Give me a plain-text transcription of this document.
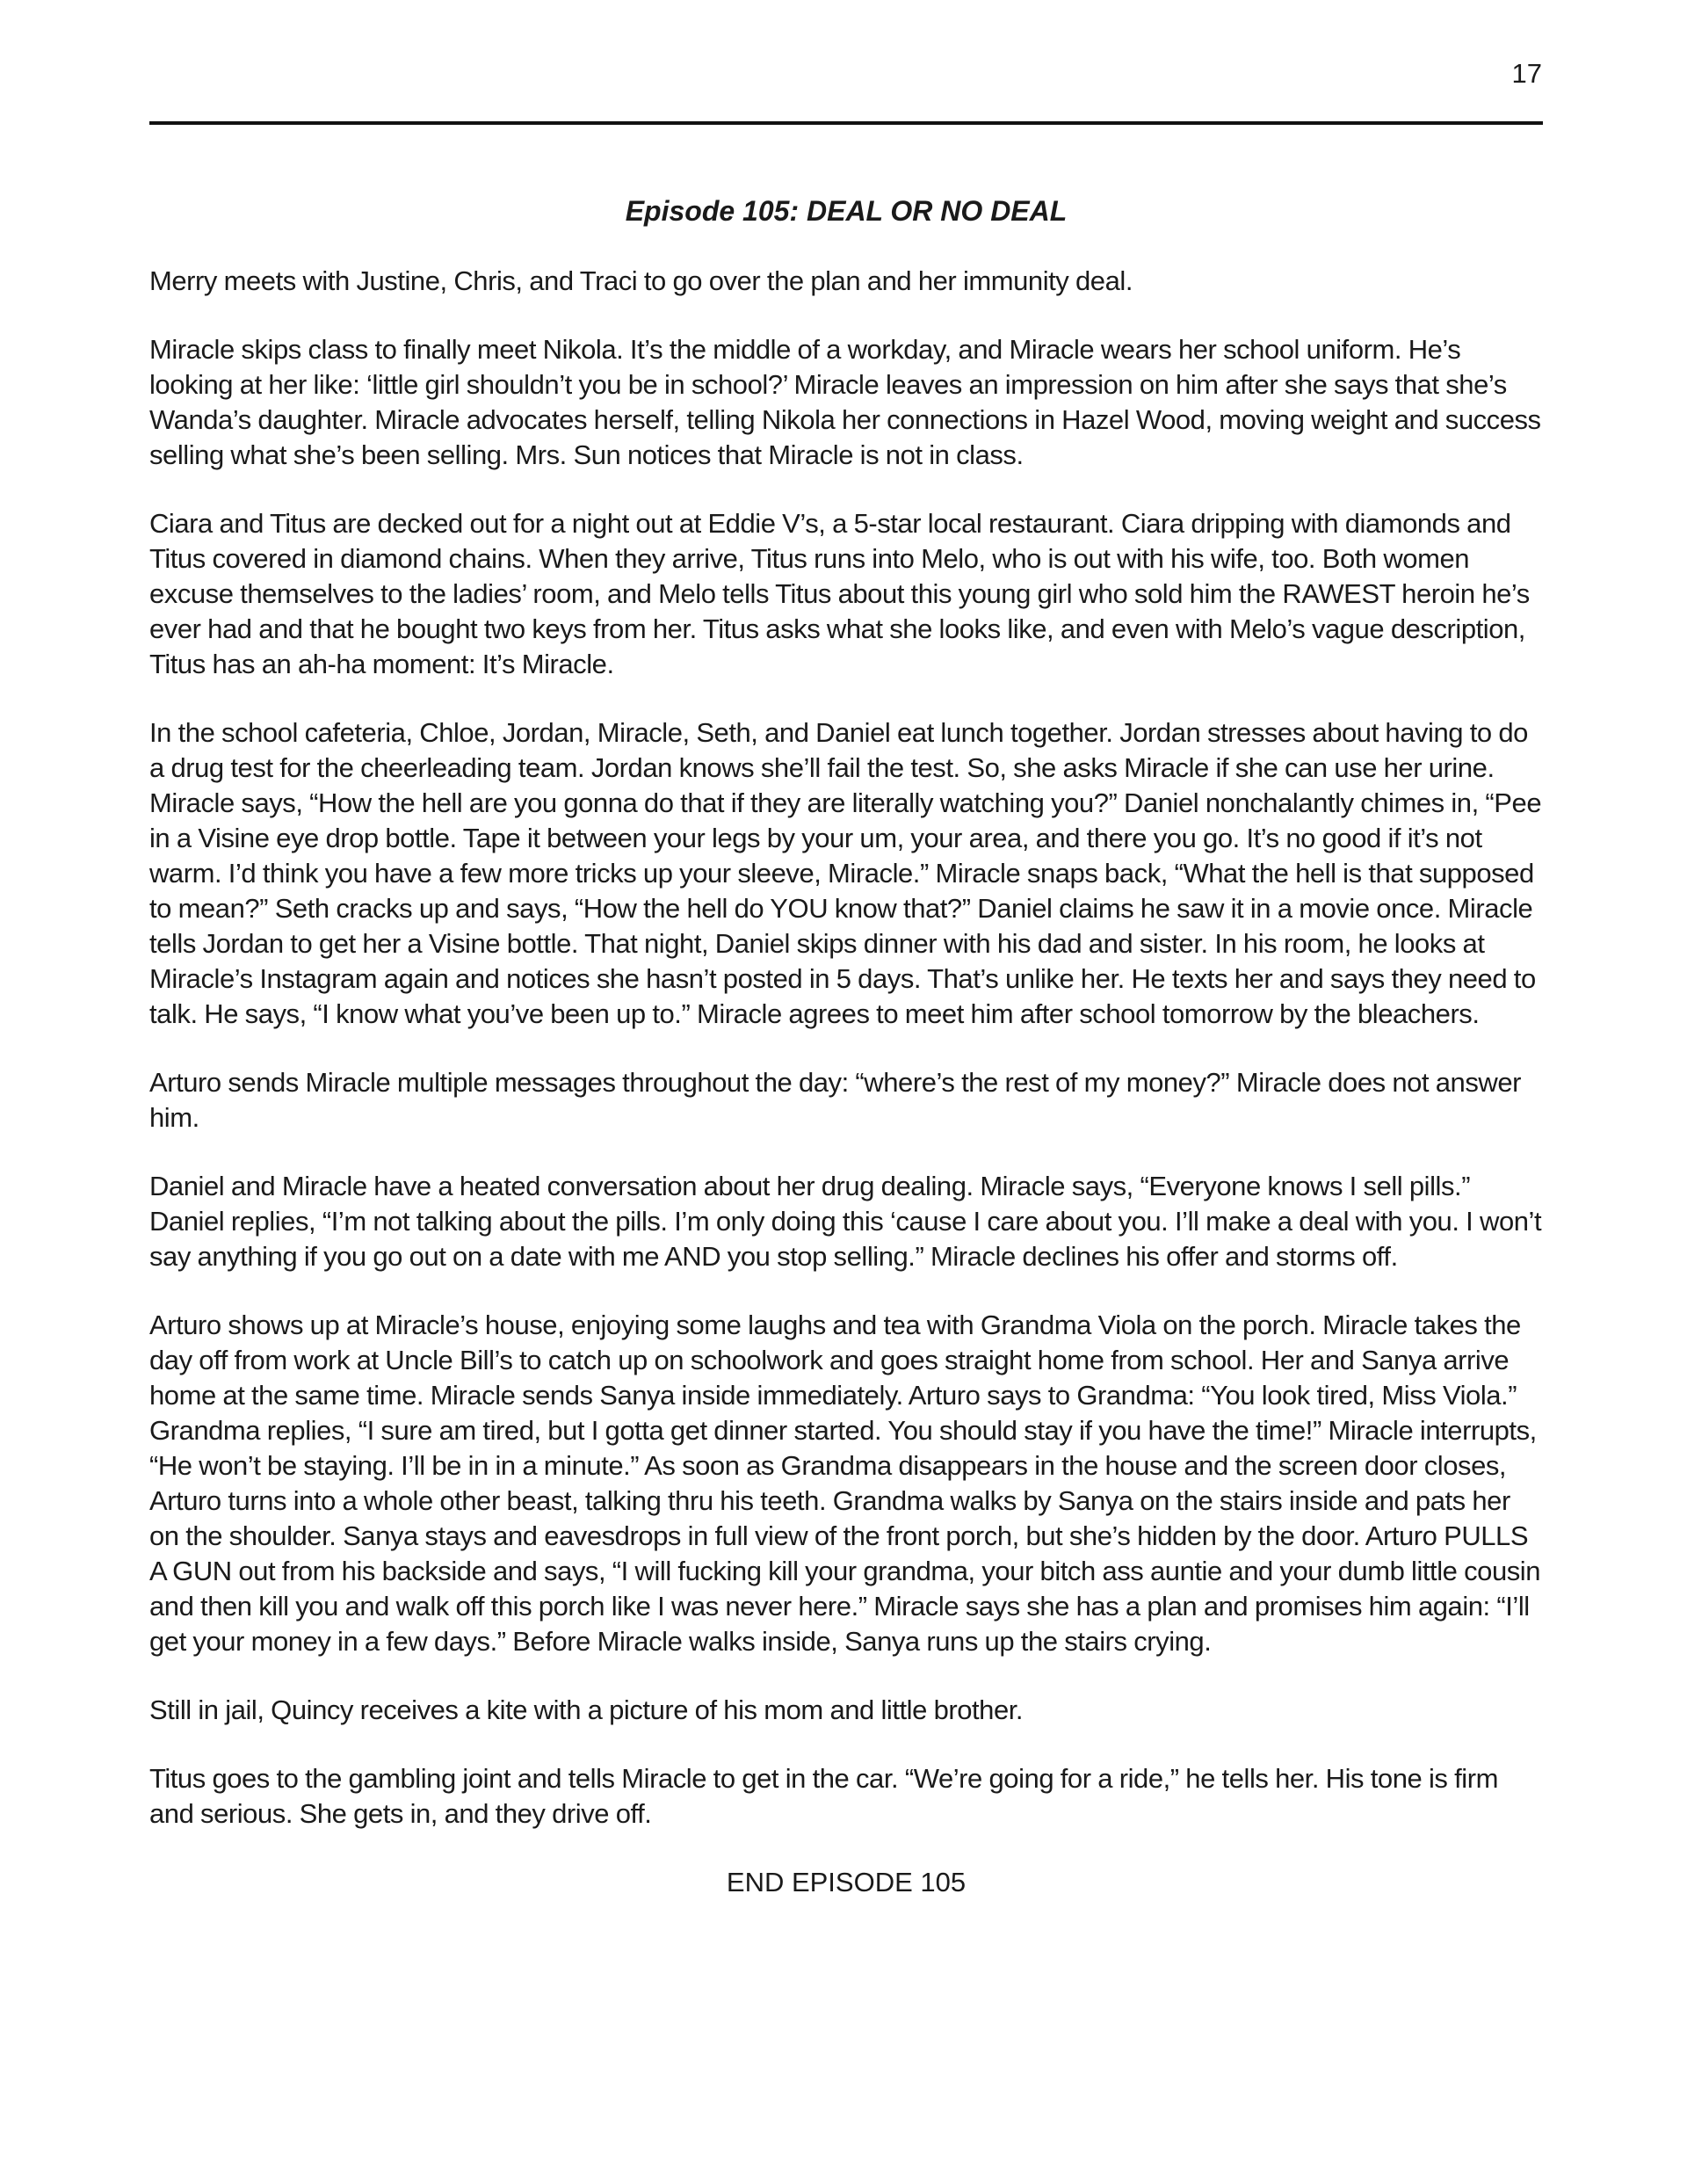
17
Episode 105: DEAL OR NO DEAL

Merry meets with Justine, Chris, and Traci to go over the plan and her immunity deal.

Miracle skips class to finally meet Nikola. It’s the middle of a workday, and Miracle wears her school uniform. He’s looking at her like: ‘little girl shouldn’t you be in school?’ Miracle leaves an impression on him after she says that she’s Wanda’s daughter. Miracle advocates herself, telling Nikola her connections in Hazel Wood, moving weight and success selling what she’s been selling. Mrs. Sun notices that Miracle is not in class.

Ciara and Titus are decked out for a night out at Eddie V’s, a 5-star local restaurant. Ciara dripping with diamonds and Titus covered in diamond chains. When they arrive, Titus runs into Melo, who is out with his wife, too. Both women excuse themselves to the ladies’ room, and Melo tells Titus about this young girl who sold him the RAWEST heroin he’s ever had and that he bought two keys from her. Titus asks what she looks like, and even with Melo’s vague description, Titus has an ah-ha moment: It’s Miracle.

In the school cafeteria, Chloe, Jordan, Miracle, Seth, and Daniel eat lunch together. Jordan stresses about having to do a drug test for the cheerleading team. Jordan knows she’ll fail the test. So, she asks Miracle if she can use her urine. Miracle says, “How the hell are you gonna do that if they are literally watching you?” Daniel nonchalantly chimes in, “Pee in a Visine eye drop bottle. Tape it between your legs by your um, your area, and there you go. It’s no good if it’s not warm. I’d think you have a few more tricks up your sleeve, Miracle.” Miracle snaps back, “What the hell is that supposed to mean?” Seth cracks up and says, “How the hell do YOU know that?” Daniel claims he saw it in a movie once. Miracle tells Jordan to get her a Visine bottle. That night, Daniel skips dinner with his dad and sister. In his room, he looks at Miracle’s Instagram again and notices she hasn’t posted in 5 days. That’s unlike her. He texts her and says they need to talk. He says, “I know what you’ve been up to.” Miracle agrees to meet him after school tomorrow by the bleachers.

Arturo sends Miracle multiple messages throughout the day: “where’s the rest of my money?” Miracle does not answer him.

Daniel and Miracle have a heated conversation about her drug dealing. Miracle says, “Everyone knows I sell pills.” Daniel replies, “I’m not talking about the pills. I’m only doing this ‘cause I care about you. I’ll make a deal with you. I won’t say anything if you go out on a date with me AND you stop selling.” Miracle declines his offer and storms off.

Arturo shows up at Miracle’s house, enjoying some laughs and tea with Grandma Viola on the porch. Miracle takes the day off from work at Uncle Bill’s to catch up on schoolwork and goes straight home from school. Her and Sanya arrive home at the same time. Miracle sends Sanya inside immediately. Arturo says to Grandma: “You look tired, Miss Viola.” Grandma replies, “I sure am tired, but I gotta get dinner started. You should stay if you have the time!” Miracle interrupts, “He won’t be staying. I’ll be in in a minute.” As soon as Grandma disappears in the house and the screen door closes, Arturo turns into a whole other beast, talking thru his teeth. Grandma walks by Sanya on the stairs inside and pats her on the shoulder. Sanya stays and eavesdrops in full view of the front porch, but she’s hidden by the door. Arturo PULLS A GUN out from his backside and says, “I will fucking kill your grandma, your bitch ass auntie and your dumb little cousin and then kill you and walk off this porch like I was never here.” Miracle says she has a plan and promises him again: “I’ll get your money in a few days.” Before Miracle walks inside, Sanya runs up the stairs crying.

Still in jail, Quincy receives a kite with a picture of his mom and little brother.

Titus goes to the gambling joint and tells Miracle to get in the car. “We’re going for a ride,” he tells her. His tone is firm and serious. She gets in, and they drive off.

END EPISODE 105
